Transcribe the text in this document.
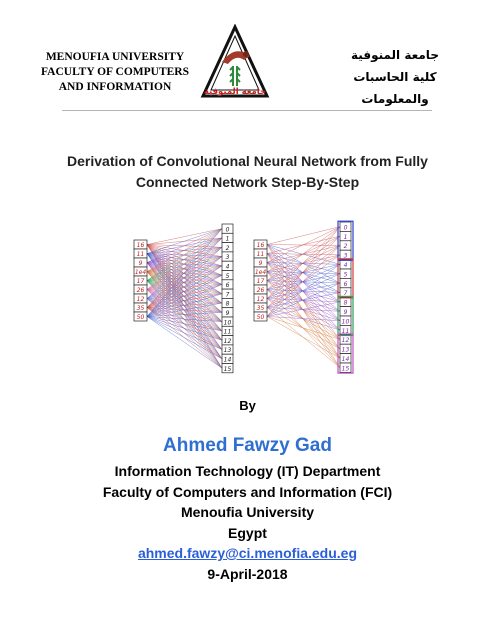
MENOUFIA UNIVERSITY
FACULTY OF COMPUTERS
AND INFORMATION	جامعة المنوفية
جامعة المنوفية
كلية الحاسبات والمعلومات
Derivation of Convolutional Neural Network from Fully
Connected Network Step-By-Step
16
11
9
1e4
17
26
12
35
50
0
1
2
3
4
5
6
7
8
9
10
11
12
13
14
15
16
11
9
1e4
17
26
12
35
50
0
1
2
3
4
5
6
7
8
9
10
11
12
13
14
15
By
Ahmed Fawzy Gad
Information Technology (IT) Department
Faculty of Computers and Information (FCI)
Menoufia University
Egypt
ahmed.fawzy@ci.menofia.edu.eg
9-April-2018
